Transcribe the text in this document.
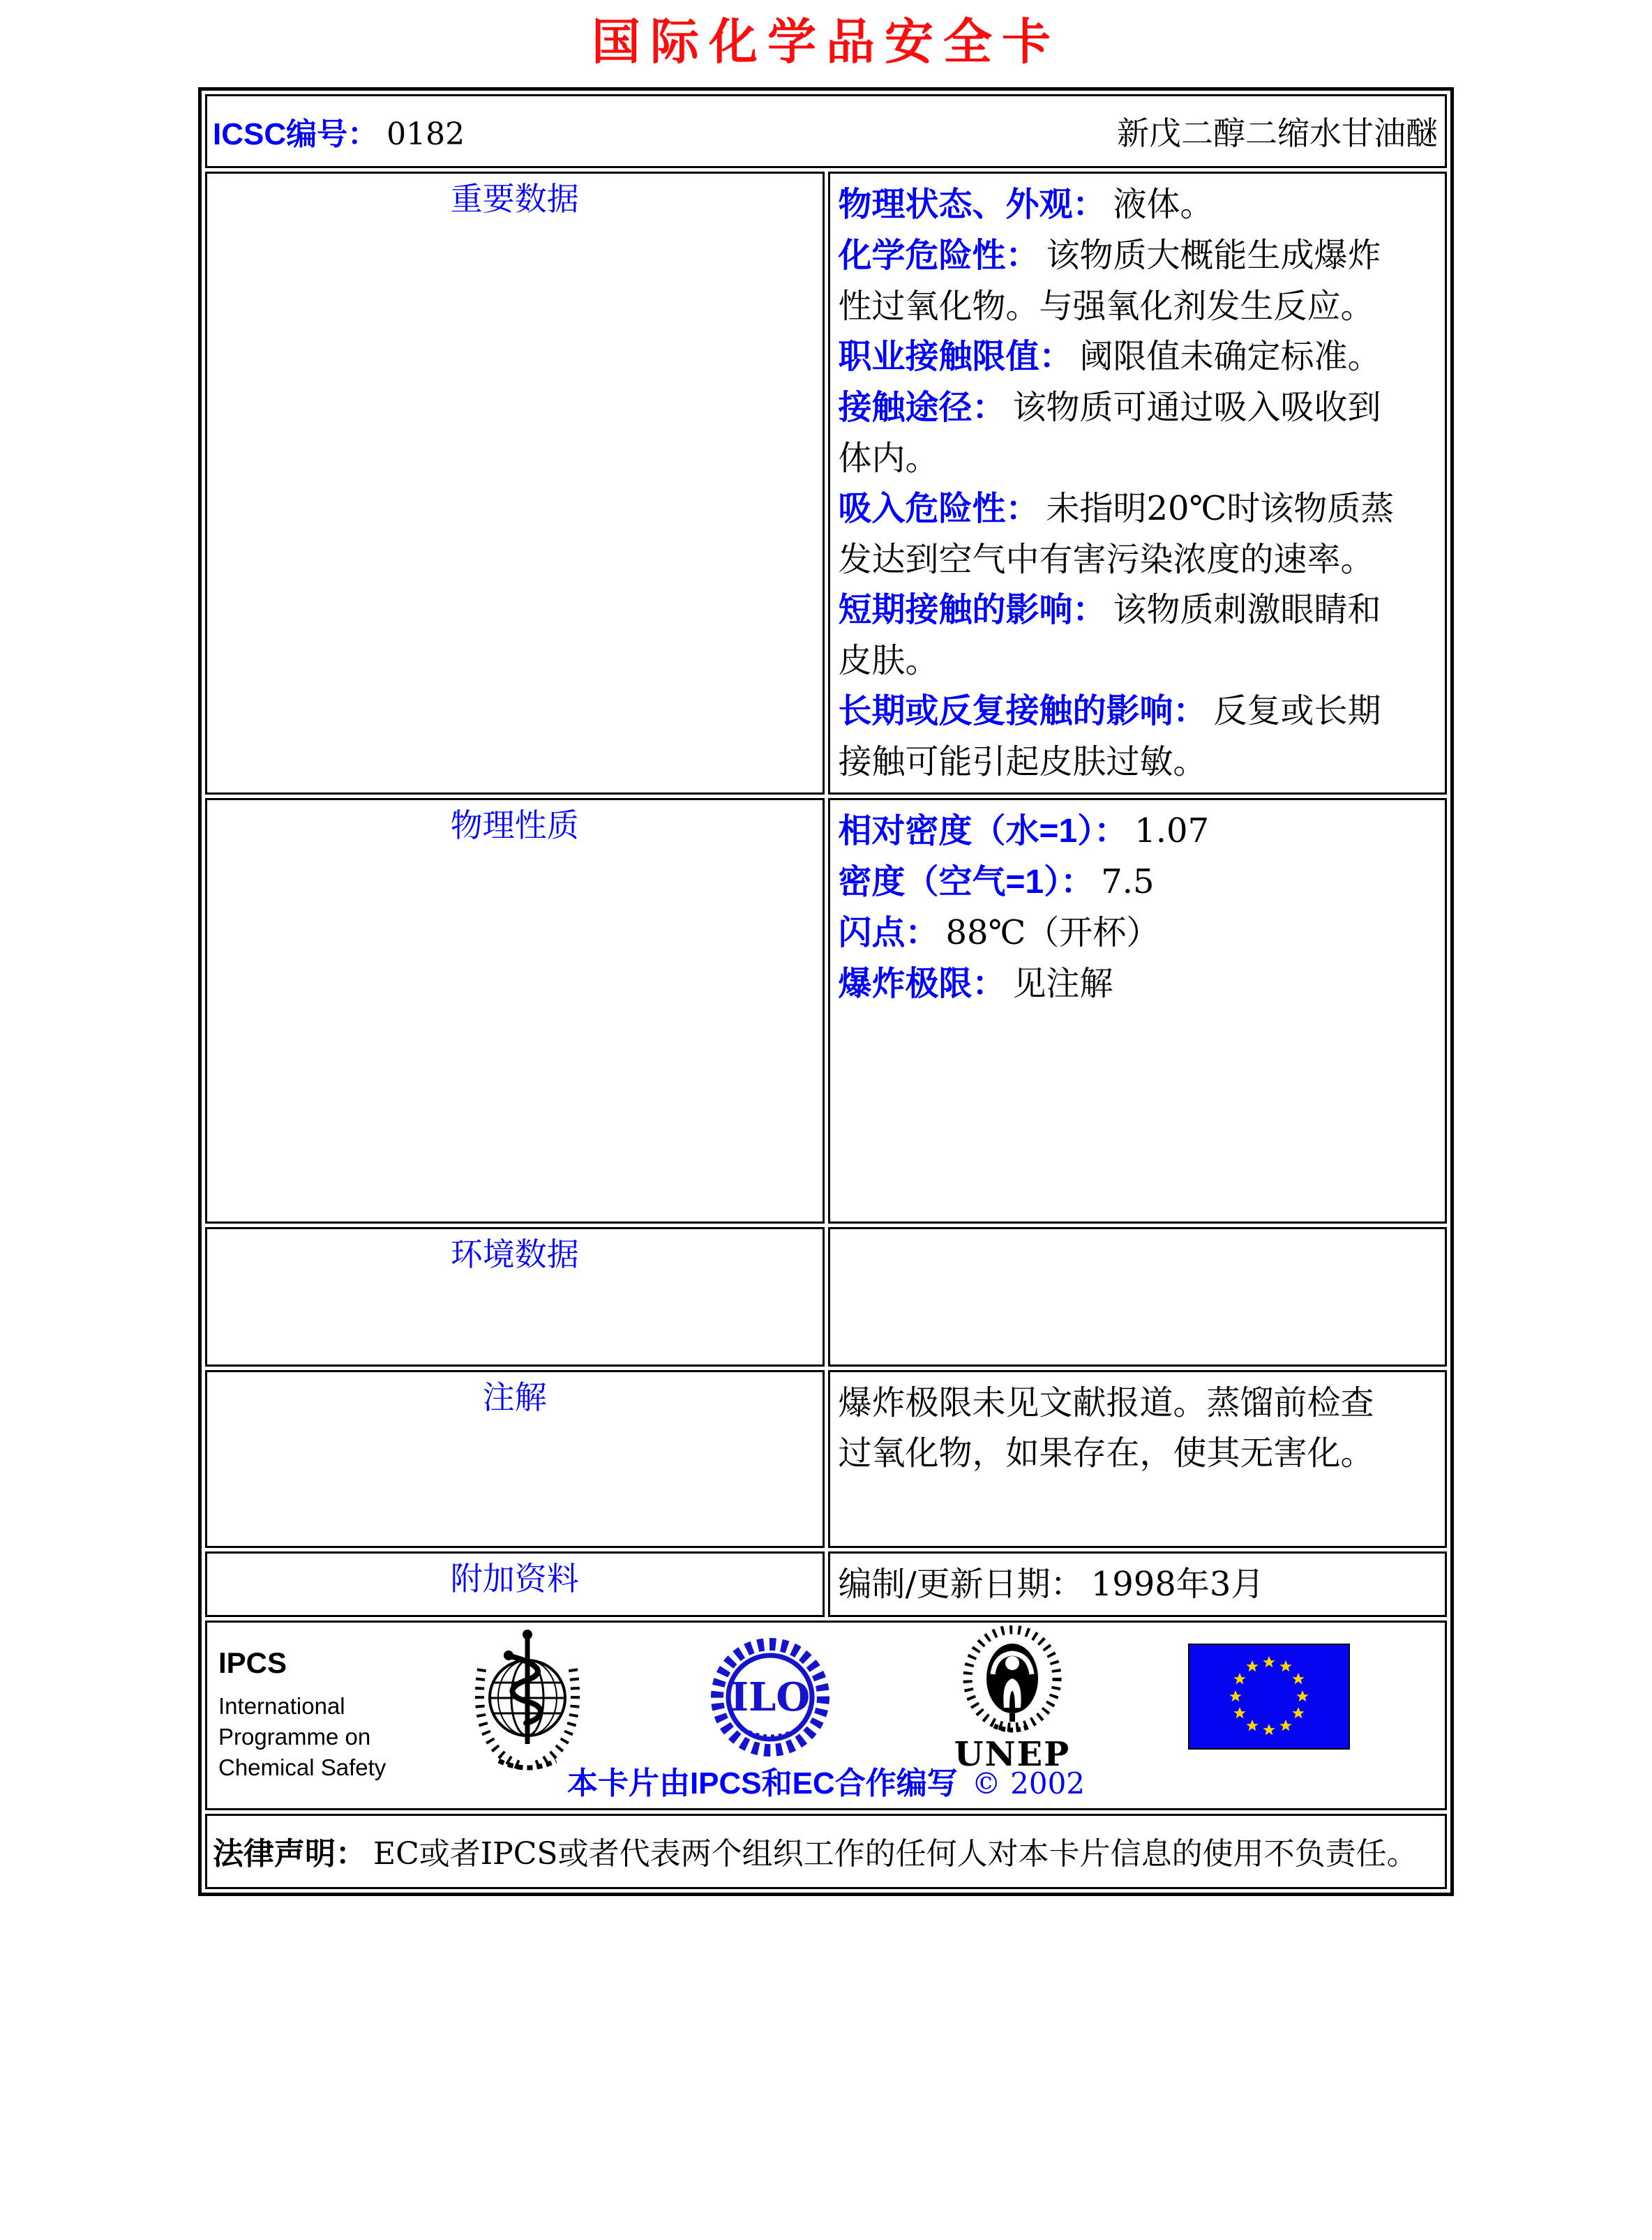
国际化学品安全卡
ICSC编号： 0182 新戊二醇二缩水甘油醚	

重要数据	物理状态、外观： 液体。
化学危险性： 该物质大概能生成爆炸性过氧化物。与强氧化剂发生反应。
职业接触限值： 阈限值未确定标准。
接触途径： 该物质可通过吸入吸收到体内。
吸入危险性： 未指明20℃时该物质蒸发达到空气中有害污染浓度的速率。
短期接触的影响： 该物质刺激眼睛和皮肤。
长期或反复接触的影响： 反复或长期接触可能引起皮肤过敏。

物理性质	相对密度（水=1）： 1.07
密度（空气=1）： 7.5
闪点： 88℃（开杯）
爆炸极限： 见注解

环境数据	
注解	爆炸极限未见文献报道。蒸馏前检查过氧化物，如果存在，使其无害化。
附加资料	编制/更新日期： 1998年3月

IPCS
International
Programme on
Chemical Safety
ILO
UNEP
本卡片由IPCS和EC合作编写 © 2002

法律声明： EC或者IPCS或者代表两个组织工作的任何人对本卡片信息的使用不负责任。	
